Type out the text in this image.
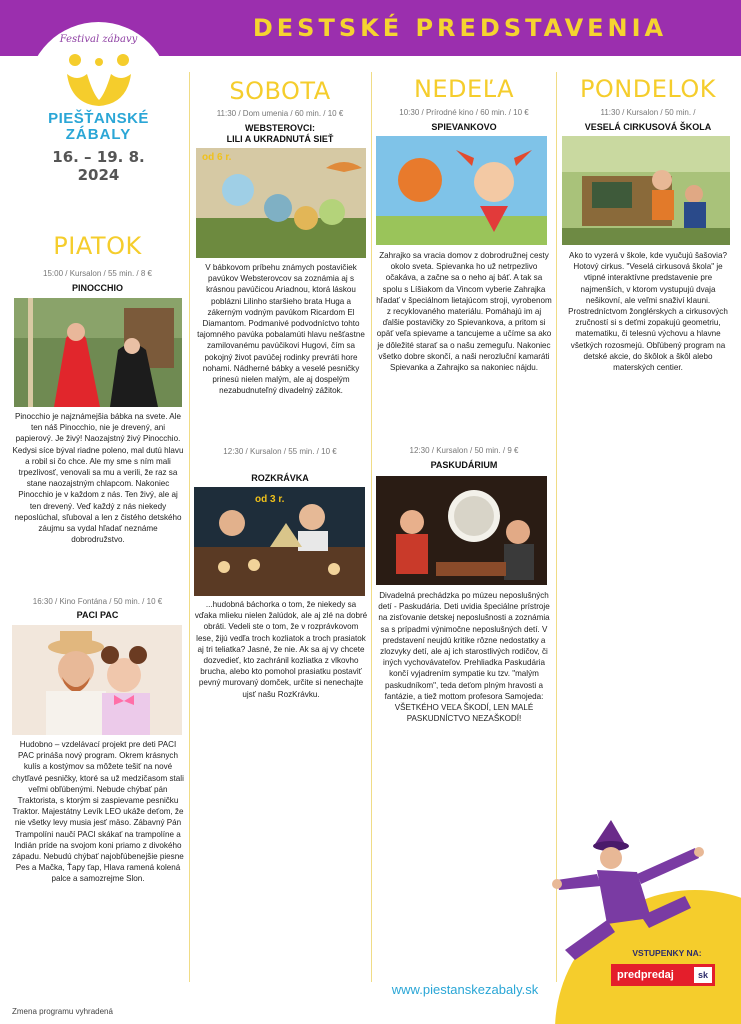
DESTSKÉ PREDSTAVENIA
Festival zábavy
PIEŠŤANSKÉ
ZÁBALY
16. – 19. 8.
2024
PIATOK
15:00 / Kursalon / 55 min. / 8 €
PINOCCHIO
Pinocchio je najznámejšia bábka na svete. Ale ten náš Pinocchio, nie je drevený, ani papierový. Je živý! Naozajstný živý Pinocchio. Kedysi síce býval riadne poleno, mal dutú hlavu a robil si čo chce. Ale my sme s ním mali trpezlivosť, venovali sa mu a verili, že raz sa stane naozajstným chlapcom. Nakoniec Pinocchio je v každom z nás. Ten živý, ale aj ten drevený. Veď každý z nás niekedy neposlúchal, sľuboval a len z čistého detského záujmu sa vydal hľadať neznáme dobrodružstvo.
16:30 / Kino Fontána / 50 min. / 10 €
PACI PAC
Hudobno – vzdelávací projekt pre deti PACI PAC prináša nový program. Okrem krásnych kulís a kostýmov sa môžete tešiť na nové chytľavé pesničky, ktoré sa už medzičasom stali veľmi obľúbenými. Nebude chýbať pán Traktorista, s ktorým si zaspievame pesničku Traktor. Majestátny Levík LEO ukáže deťom, že nie všetky levy musia jesť mäso. Zábavný Pán Trampolíni naučí PACI skákať na trampolíne a Indián príde na svojom koni priamo z divokého západu. Nebudú chýbať najobľúbenejšie piesne Pes a Mačka, Ťapy ťap, Hlava ramená kolená palce a samozrejme Slon.
SOBOTA
11:30 / Dom umenia / 60 min. / 10 €
WEBSTEROVCI:
LILI A UKRADNUTÁ SIEŤ
od 6 r.
V bábkovom príbehu známych postavičiek pavúkov Websterovcov sa zoznámia aj s krásnou pavúčicou Ariadnou, ktorá láskou poblázni Lilinho staršieho brata Huga a zákerným vodným pavúkom Ricardom El Diamantom. Podmanivé podvodníctvo tohto tajomného pavúka pobalamúti hlavu nešťastne zamilovanému pavúčikovi Hugovi, čím sa pokojný život pavúčej rodinky prevráti hore nohami. Nádherné bábky a veselé pesničky prinesú nielen malým, ale aj dospelým nezabudnuteľný divadelný zážitok.
12:30 / Kursalon / 55 min. / 10 €
ROZKRÁVKA
od 3 r.
...hudobná báchorka o tom, že niekedy sa vďaka mlieku nielen žalúdok, ale aj zlé na dobré obráti. Vedeli ste o tom, že v rozprávkovom lese, žijú vedľa troch kozliatok a troch prasiatok aj tri teliatka? Jasné, že nie. Ak sa aj vy chcete dozvedieť, kto zachránil kozliatka z vlkovho brucha, alebo kto pomohol prasiatku postaviť pevný murovaný domček, určite si nenechajte ujsť našu RozKrávku.
NEDEĽA
10:30 / Prírodné kino / 60 min. / 10 €
SPIEVANKOVO
Zahrajko sa vracia domov z dobrodružnej cesty okolo sveta. Spievanka ho už netrpezlivo očakáva, a začne sa o neho aj báť. A tak sa spolu s Líšiakom da Vincom vyberie Zahrajka hľadať v špeciálnom lietajúcom stroji, vyrobenom z recyklovaného materiálu. Pomáhajú im aj ďalšie postavičky zo Spievankova, a pritom si opäť veľa spievame a tancujeme a učíme sa ako je dôležité starať sa o našu zemeguľu. Nakoniec všetko dobre skončí, a naši nerozluční kamaráti Spievanka a Zahrajko sa nakoniec nájdu.
12:30 / Kursalon / 50 min. / 9 €
PASKUDÁRIUM
Divadelná prechádzka po múzeu neposlušných detí - Paskudária. Deti uvidia špeciálne prístroje na zisťovanie detskej neposlušnosti a zoznámia sa s prípadmi výnimočne neposlušných detí. V predstavení neujdú kritike rôzne nedostatky a zlozvyky detí, ale aj ich starostlivých rodičov, či iných vychovávateľov. Prehliadka Paskudária končí vyjadrením sympatie ku tzv. "malým paskudníkom", teda deťom plným hravosti a fantázie, a tiež mottom profesora Samojeda: VŠETKÉHO VEĽA ŠKODÍ, LEN MALÉ PASKUDNÍCTVO NEZAŠKODÍ!
PONDELOK
11:30 / Kursalon / 50 min. /
VESELÁ CIRKUSOVÁ ŠKOLA
Ako to vyzerá v škole, kde vyučujú šašovia? Hotový cirkus. "Veselá cirkusová škola" je vtipné interaktívne predstavenie pre najmenších, v ktorom vystupujú dvaja nešikovní, ale veľmi snaživí klauni. Prostredníctvom žonglérskych a cirkusových zručností si s deťmi zopakujú geometriu, matematiku, či telesnú výchovu a hlavne všetkých rozosmejú. Obľúbený program na detské akcie, do škôlok a škôl alebo materských centier.
VSTUPENKY NA:
predpredaj	sk
www.piestanskezabaly.sk
Zmena programu vyhradená
